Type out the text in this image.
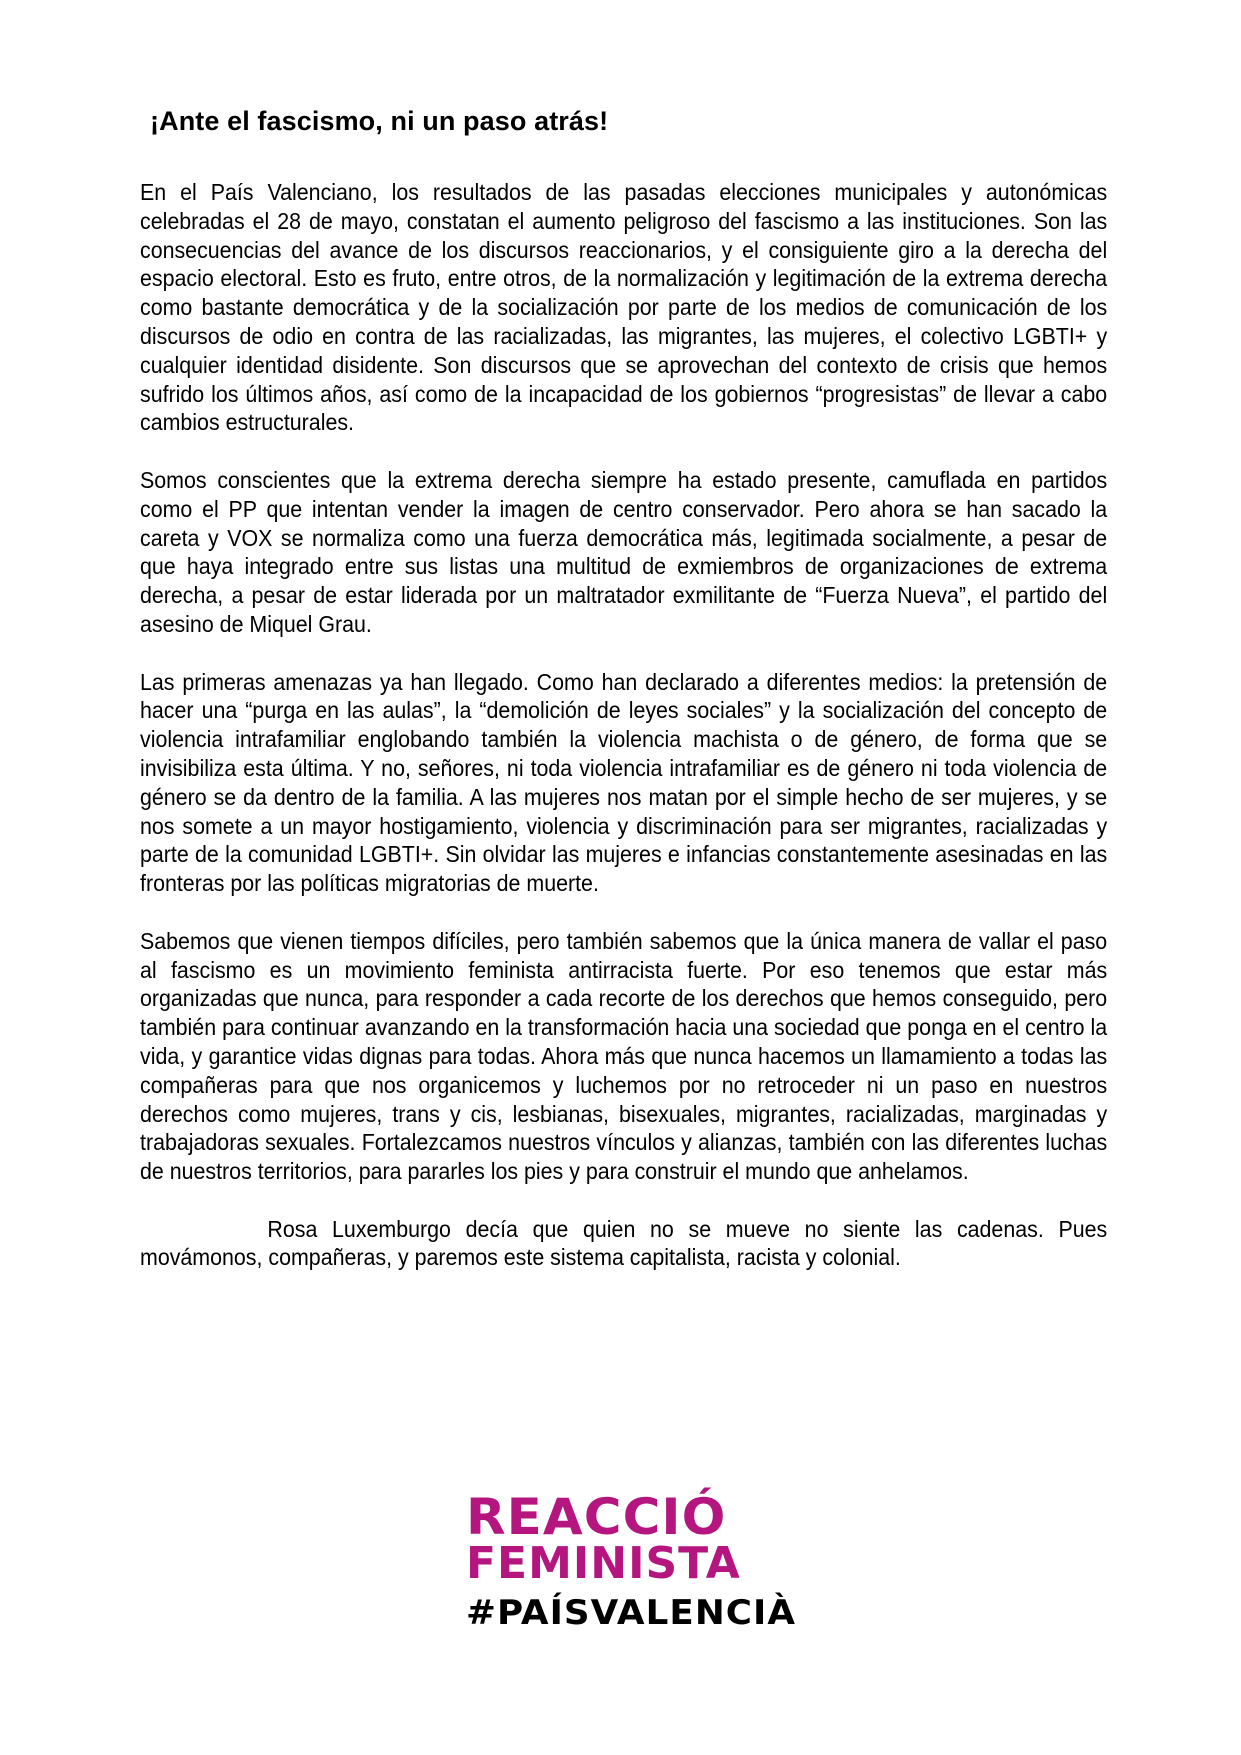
¡Ante el fascismo, ni un paso atrás!

En el País Valenciano, los resultados de las pasadas elecciones municipales y autonómicas celebradas el 28 de mayo, constatan el aumento peligroso del fascismo a las instituciones. Son las consecuencias del avance de los discursos reaccionarios, y el consiguiente giro a la derecha del espacio electoral. Esto es fruto, entre otros, de la normalización y legitimación de la extrema derecha como bastante democrática y de la socialización por parte de los medios de comunicación de los discursos de odio en contra de las racializadas, las migrantes, las mujeres, el colectivo LGBTI+ y cualquier identidad disidente. Son discursos que se aprovechan del contexto de crisis que hemos sufrido los últimos años, así como de la incapacidad de los gobiernos “progresistas” de llevar a cabo cambios estructurales.

Somos conscientes que la extrema derecha siempre ha estado presente, camuflada en partidos como el PP que intentan vender la imagen de centro conservador. Pero ahora se han sacado la careta y VOX se normaliza como una fuerza democrática más, legitimada socialmente, a pesar de que haya integrado entre sus listas una multitud de exmiembros de organizaciones de extrema derecha, a pesar de estar liderada por un maltratador exmilitante de “Fuerza Nueva”, el partido del asesino de Miquel Grau.

Las primeras amenazas ya han llegado. Como han declarado a diferentes medios: la pretensión de hacer una “purga en las aulas”, la “demolición de leyes sociales” y la socialización del concepto de violencia intrafamiliar englobando también la violencia machista o de género, de forma que se invisibiliza esta última. Y no, señores, ni toda violencia intrafamiliar es de género ni toda violencia de género se da dentro de la familia. A las mujeres nos matan por el simple hecho de ser mujeres, y se nos somete a un mayor hostigamiento, violencia y discriminación para ser migrantes, racializadas y parte de la comunidad LGBTI+. Sin olvidar las mujeres e infancias constantemente asesinadas en las fronteras por las políticas migratorias de muerte.

Sabemos que vienen tiempos difíciles, pero también sabemos que la única manera de vallar el paso al fascismo es un movimiento feminista antirracista fuerte. Por eso tenemos que estar más organizadas que nunca, para responder a cada recorte de los derechos que hemos conseguido, pero también para continuar avanzando en la transformación hacia una sociedad que ponga en el centro la vida, y garantice vidas dignas para todas. Ahora más que nunca hacemos un llamamiento a todas las compañeras para que nos organicemos y luchemos por no retroceder ni un paso en nuestros derechos como mujeres, trans y cis, lesbianas, bisexuales, migrantes, racializadas, marginadas y trabajadoras sexuales. Fortalezcamos nuestros vínculos y alianzas, también con las diferentes luchas de nuestros territorios, para pararles los pies y para construir el mundo que anhelamos.

Rosa Luxemburgo decía que quien no se mueve no siente las cadenas. Pues movámonos, compañeras, y paremos este sistema capitalista, racista y colonial.

REACCIÓ
FEMINISTA
#PAÍSVALENCIÀ
